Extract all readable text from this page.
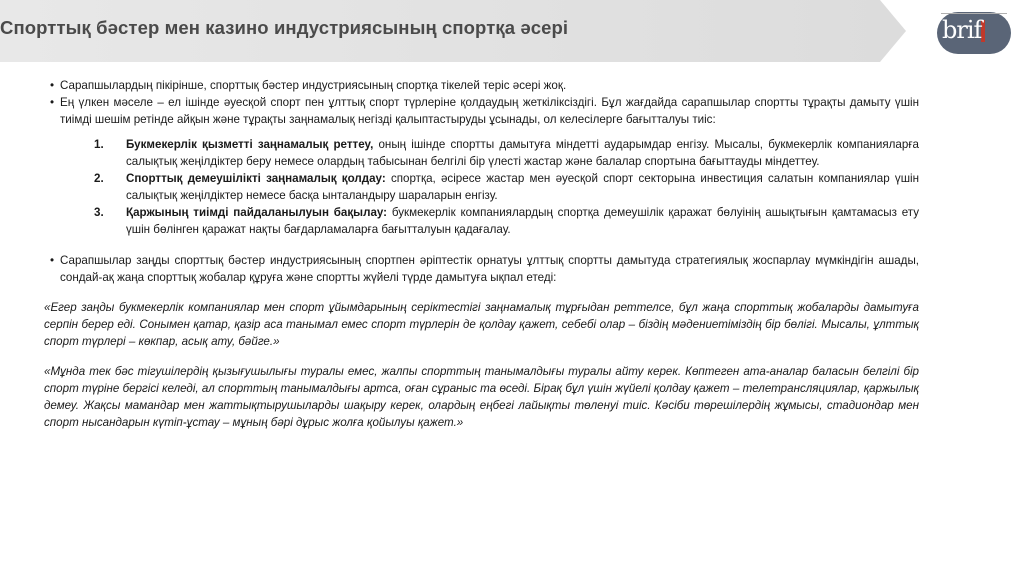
Спорттық бәстер мен казино индустриясының спортқа әсері	brif
• Сарапшылардың пікірінше, спорттық бәстер индустриясының спортқа тікелей теріс әсері жоқ.
• Ең үлкен мәселе – ел ішінде әуесқой спорт пен ұлттық спорт түрлеріне қолдаудың жеткіліксіздігі. Бұл жағдайда сарапшылар спортты тұрақты дамыту үшін тиімді шешім ретінде айқын және тұрақты заңнамалық негізді қалыптастыруды ұсынады, ол келесілерге бағытталуы тиіс:
1. Букмекерлік қызметті заңнамалық реттеу, оның ішінде спортты дамытуға міндетті аударымдар енгізу. Мысалы, букмекерлік компанияларға салықтық жеңілдіктер беру немесе олардың табысынан белгілі бір үлесті жастар және балалар спортына бағыттауды міндеттеу.
2. Спорттық демеушілікті заңнамалық қолдау: спортқа, әсіресе жастар мен әуесқой спорт секторына инвестиция салатын компаниялар үшін салықтық жеңілдіктер немесе басқа ынталандыру шараларын енгізу.
3. Қаржының тиімді пайдаланылуын бақылау: букмекерлік компаниялардың спортқа демеушілік қаражат бөлуінің ашықтығын қамтамасыз ету үшін бөлінген қаражат нақты бағдарламаларға бағытталуын қадағалау.
• Сарапшылар заңды спорттық бәстер индустриясының спортпен әріптестік орнатуы ұлттық спортты дамытуда стратегиялық жоспарлау мүмкіндігін ашады, сондай-ақ жаңа спорттық жобалар құруға және спортты жүйелі түрде дамытуға ықпал етеді:

«Егер заңды букмекерлік компаниялар мен спорт ұйымдарының серіктестігі заңнамалық тұрғыдан реттелсе, бұл жаңа спорттық жобаларды дамытуға серпін берер еді. Сонымен қатар, қазір аса танымал емес спорт түрлерін де қолдау қажет, себебі олар – біздің мәдениетіміздің бір бөлігі. Мысалы, ұлттық спорт түрлері – көкпар, асық ату, бәйге.»

«Мұнда тек бәс тігушілердің қызығушылығы туралы емес, жалпы спорттың танымалдығы туралы айту керек. Көптеген ата-аналар баласын белгілі бір спорт түріне бергісі келеді, ал спорттың танымалдығы артса, оған сұраныс та өседі. Бірақ бұл үшін жүйелі қолдау қажет – телетрансляциялар, қаржылық демеу. Жақсы мамандар мен жаттықтырушыларды шақыру керек, олардың еңбегі лайықты төленуі тиіс. Кәсіби төрешілердің жұмысы, стадиондар мен спорт нысандарын күтіп-ұстау – мұның бәрі дұрыс жолға қойылуы қажет.»
